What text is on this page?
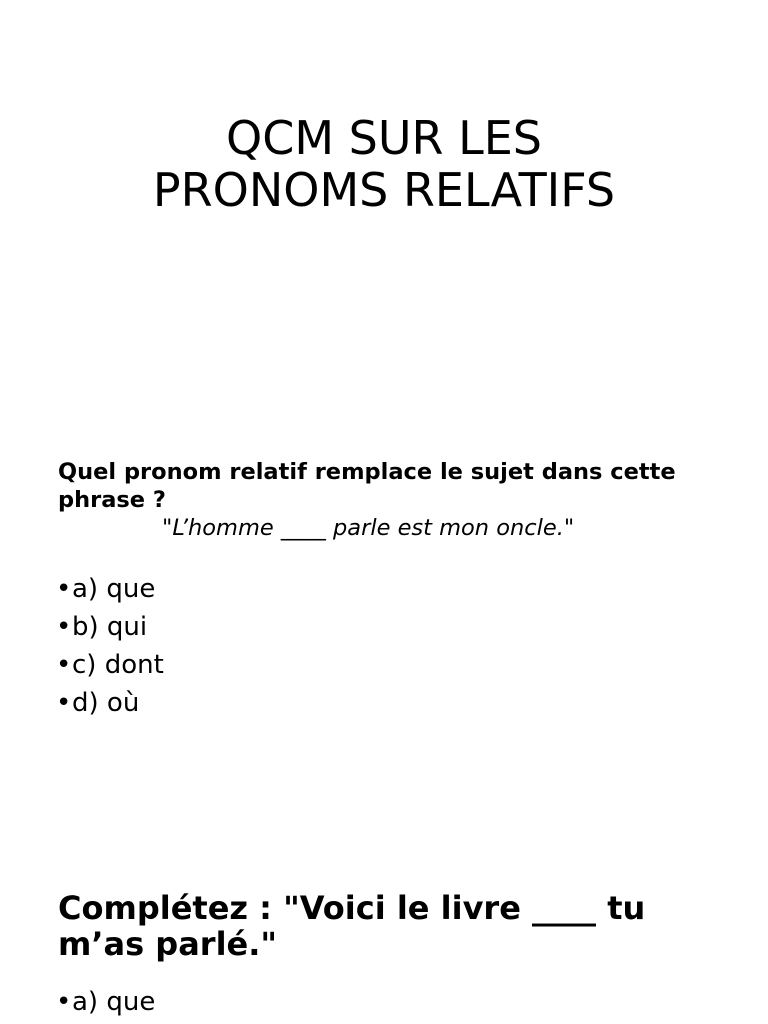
QCM SUR LES
PRONOMS RELATIFS

Quel pronom relatif remplace le sujet dans cette phrase ?

"L’homme ____ parle est mon oncle."

•a) que
•b) qui
•c) dont
•d) où

Complétez : "Voici le livre ____ tu m’as parlé."

•a) que
